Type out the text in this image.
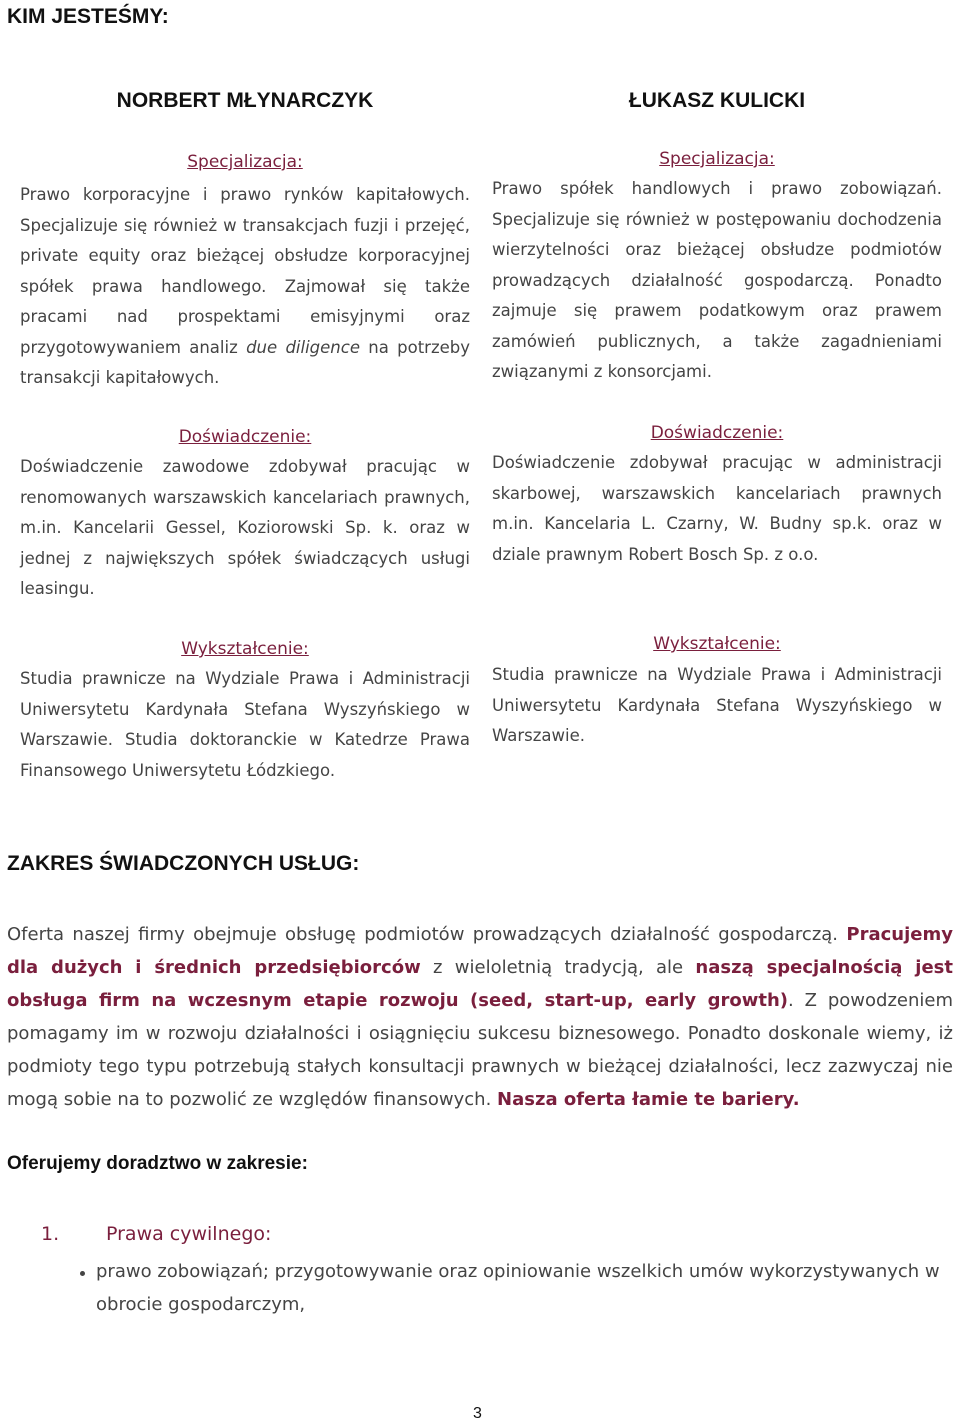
KIM JESTEŚMY:
NORBERT MŁYNARCZYK
Specjalizacja:
Prawo korporacyjne i prawo rynków kapitałowych. Specjalizuje się również w transakcjach fuzji i przejęć, private equity oraz bieżącej obsłudze korporacyjnej spółek prawa handlowego. Zajmował się także pracami nad prospektami emisyjnymi oraz przygotowywaniem analiz due diligence na potrzeby transakcji kapitałowych.
Doświadczenie:
Doświadczenie zawodowe zdobywał pracując w renomowanych warszawskich kancelariach prawnych, m.in. Kancelarii Gessel, Koziorowski Sp. k. oraz w jednej z największych spółek świadczących usługi leasingu.
Wykształcenie:
Studia prawnicze na Wydziale Prawa i Administracji Uniwersytetu Kardynała Stefana Wyszyńskiego w Warszawie. Studia doktoranckie w Katedrze Prawa Finansowego Uniwersytetu Łódzkiego.
ŁUKASZ KULICKI
Specjalizacja:
Prawo spółek handlowych i prawo zobowiązań. Specjalizuje się również w postępowaniu dochodzenia wierzytelności oraz bieżącej obsłudze podmiotów prowadzących działalność gospodarczą. Ponadto zajmuje się prawem podatkowym oraz prawem zamówień publicznych, a także zagadnieniami związanymi z konsorcjami.
Doświadczenie:
Doświadczenie zdobywał pracując w administracji skarbowej, warszawskich kancelariach prawnych m.in. Kancelaria L. Czarny, W. Budny sp.k. oraz w dziale prawnym Robert Bosch Sp. z o.o.
Wykształcenie:
Studia prawnicze na Wydziale Prawa i Administracji Uniwersytetu Kardynała Stefana Wyszyńskiego w Warszawie.
ZAKRES ŚWIADCZONYCH USŁUG:
Oferta naszej firmy obejmuje obsługę podmiotów prowadzących działalność gospodarczą. Pracujemy dla dużych i średnich przedsiębiorców z wieloletnią tradycją, ale naszą specjalnością jest obsługa firm na wczesnym etapie rozwoju (seed, start-up, early growth). Z powodzeniem pomagamy im w rozwoju działalności i osiągnięciu sukcesu biznesowego. Ponadto doskonale wiemy, iż podmioty tego typu potrzebują stałych konsultacji prawnych w bieżącej działalności, lecz zazwyczaj nie mogą sobie na to pozwolić ze względów finansowych. Nasza oferta łamie te bariery.
Oferujemy doradztwo w zakresie:
1. Prawa cywilnego:
prawo zobowiązań; przygotowywanie oraz opiniowanie wszelkich umów wykorzystywanych w obrocie gospodarczym,
3
